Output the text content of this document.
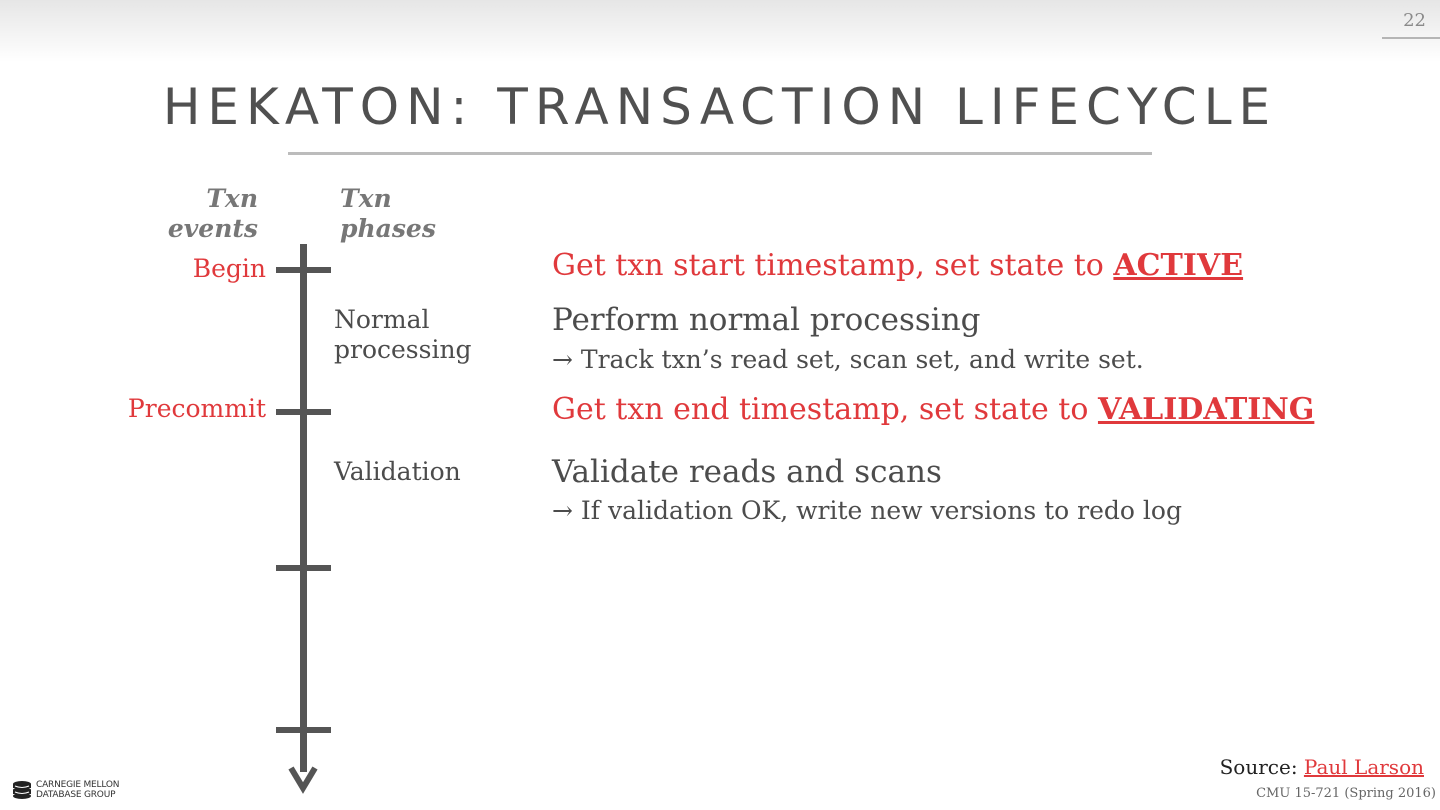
22
HEKATON: TRANSACTION LIFECYCLE
Txn
events
Txn
phases
Begin
Precommit
Normal
processing
Validation
Get txn start timestamp, set state to ACTIVE
Perform normal processing
→ Track txn’s read set, scan set, and write set.
Get txn end timestamp, set state to VALIDATING
Validate reads and scans
→ If validation OK, write new versions to redo log
Source: Paul Larson
CMU 15-721 (Spring 2016)
CARNEGIE MELLON
DATABASE GROUP
